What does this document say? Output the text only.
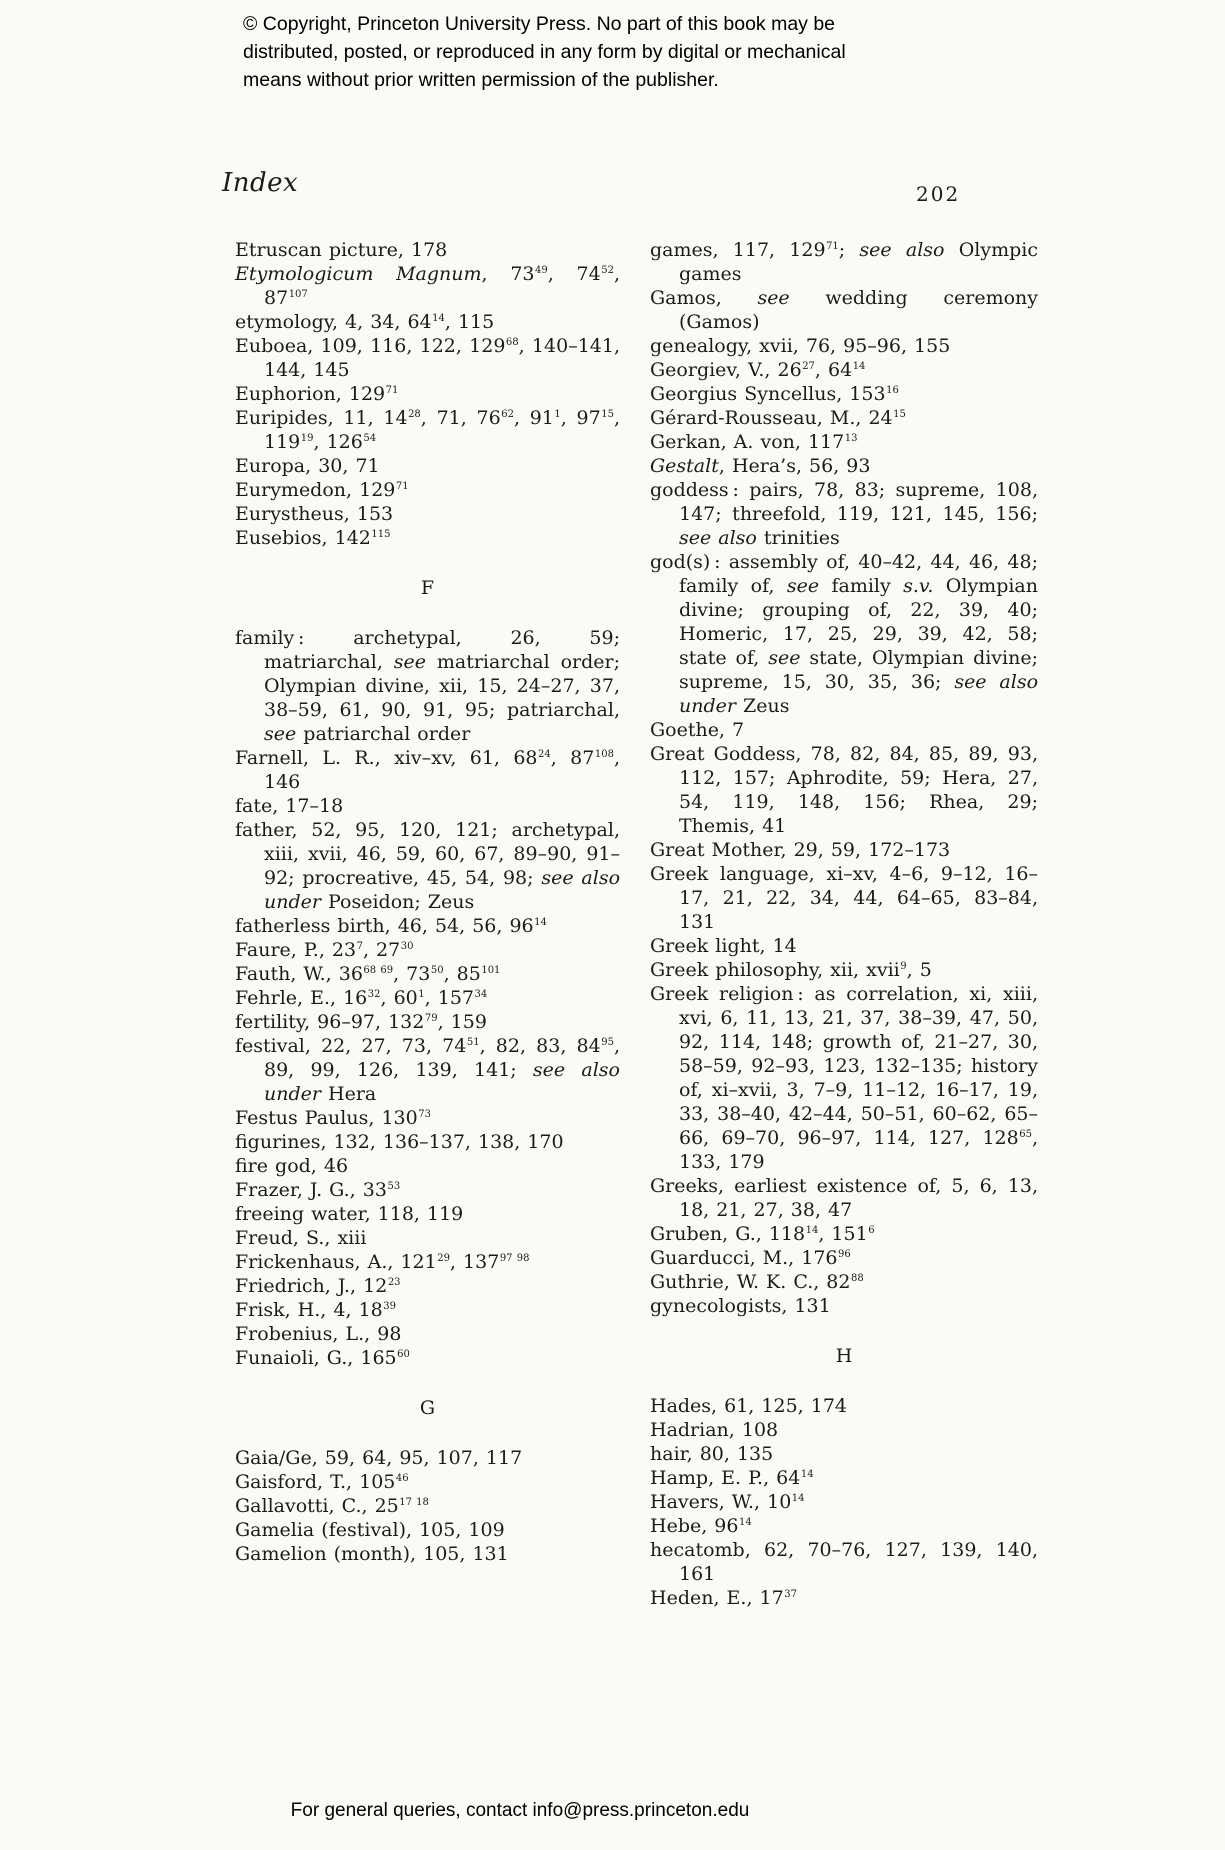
© Copyright, Princeton University Press. No part of this book may be
distributed, posted, or reproduced in any form by digital or mechanical
means without prior written permission of the publisher.
Index	202

Etruscan picture, 178

Etymologicum Magnum, $73^{49}$, $74^{52}$, $87^{107}$

etymology, 4, 34, $64^{14}$, 115

Euboea, 109, 116, 122, $129^{68}$, 140–141, 144, 145

Euphorion, $129^{71}$

Euripides, 11, $14^{28}$, 71, $76^{62}$, $91^1$, $97^{15}$, $119^{19}$, $126^{54}$

Europa, 30, 71

Eurymedon, $129^{71}$

Eurystheus, 153

Eusebios, $142^{115}$

F

family : archetypal, 26, 59; matriarchal, see matriarchal order; Olympian divine, xii, 15, 24–27, 37, 38–59, 61, 90, 91, 95; patriarchal, see patriarchal order

Farnell, L. R., xiv–xv, 61, $68^{24}$, $87^{108}$, 146

fate, 17–18

father, 52, 95, 120, 121; archetypal, xiii, xvii, 46, 59, 60, 67, 89–90, 91–92; procreative, 45, 54, 98; see also under Poseidon; Zeus

fatherless birth, 46, 54, 56, $96^{14}$

Faure, P., $23^7$, $27^{30}$

Fauth, W., $36^{68 69}$, $73^{50}$, $85^{101}$

Fehrle, E., $16^{32}$, $60^1$, $157^{34}$

fertility, 96–97, $132^{79}$, 159

festival, 22, 27, 73, $74^{51}$, 82, 83, $84^{95}$, 89, 99, 126, 139, 141; see also under Hera

Festus Paulus, $130^{73}$

figurines, 132, 136–137, 138, 170

fire god, 46

Frazer, J. G., $33^{53}$

freeing water, 118, 119

Freud, S., xiii

Frickenhaus, A., $121^{29}$, $137^{97 98}$

Friedrich, J., $12^{23}$

Frisk, H., 4, $18^{39}$

Frobenius, L., 98

Funaioli, G., $165^{60}$

G

Gaia/Ge, 59, 64, 95, 107, 117

Gaisford, T., $105^{46}$

Gallavotti, C., $25^{17 18}$

Gamelia (festival), 105, 109

Gamelion (month), 105, 131

games, 117, $129^{71}$; see also Olympic games

Gamos, see wedding ceremony (Gamos)

genealogy, xvii, 76, 95–96, 155

Georgiev, V., $26^{27}$, $64^{14}$

Georgius Syncellus, $153^{16}$

Gérard-Rousseau, M., $24^{15}$

Gerkan, A. von, $117^{13}$

Gestalt, Hera’s, 56, 93

goddess : pairs, 78, 83; supreme, 108, 147; threefold, 119, 121, 145, 156; see also trinities

god(s) : assembly of, 40–42, 44, 46, 48; family of, see family s.v. Olympian divine; grouping of, 22, 39, 40; Homeric, 17, 25, 29, 39, 42, 58; state of, see state, Olympian divine; supreme, 15, 30, 35, 36; see also under Zeus

Goethe, 7

Great Goddess, 78, 82, 84, 85, 89, 93, 112, 157; Aphrodite, 59; Hera, 27, 54, 119, 148, 156; Rhea, 29; Themis, 41

Great Mother, 29, 59, 172–173

Greek language, xi–xv, 4–6, 9–12, 16–17, 21, 22, 34, 44, 64–65, 83–84, 131

Greek light, 14

Greek philosophy, xii, xvii$^9$, 5

Greek religion : as correlation, xi, xiii, xvi, 6, 11, 13, 21, 37, 38–39, 47, 50, 92, 114, 148; growth of, 21–27, 30, 58–59, 92–93, 123, 132–135; history of, xi–xvii, 3, 7–9, 11–12, 16–17, 19, 33, 38–40, 42–44, 50–51, 60–62, 65–66, 69–70, 96–97, 114, 127, $128^{65}$, 133, 179

Greeks, earliest existence of, 5, 6, 13, 18, 21, 27, 38, 47

Gruben, G., $118^{14}$, $151^6$

Guarducci, M., $176^{96}$

Guthrie, W. K. C., $82^{88}$

gynecologists, 131

H

Hades, 61, 125, 174

Hadrian, 108

hair, 80, 135

Hamp, E. P., $64^{14}$

Havers, W., $10^{14}$

Hebe, $96^{14}$

hecatomb, 62, 70–76, 127, 139, 140, 161

Heden, E., $17^{37}$

For general queries, contact info@press.princeton.edu
